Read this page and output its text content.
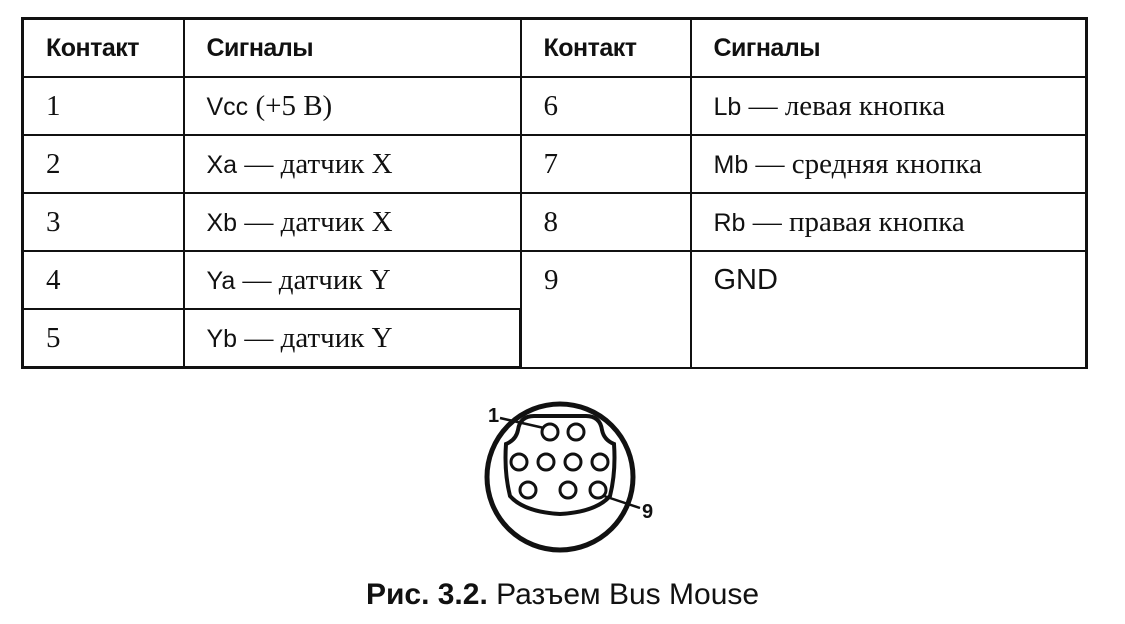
Контакт	Сигналы	Контакт	Сигналы
1	Vcc (+5 В)	6	Lb — левая кнопка
2	Xa — датчик X	7	Mb — средняя кнопка
3	Xb — датчик X	8	Rb — правая кнопка
4	Ya — датчик Y	9	GND
5	Yb — датчик Y		
1
9
Рис. 3.2. Разъем Bus Mouse
